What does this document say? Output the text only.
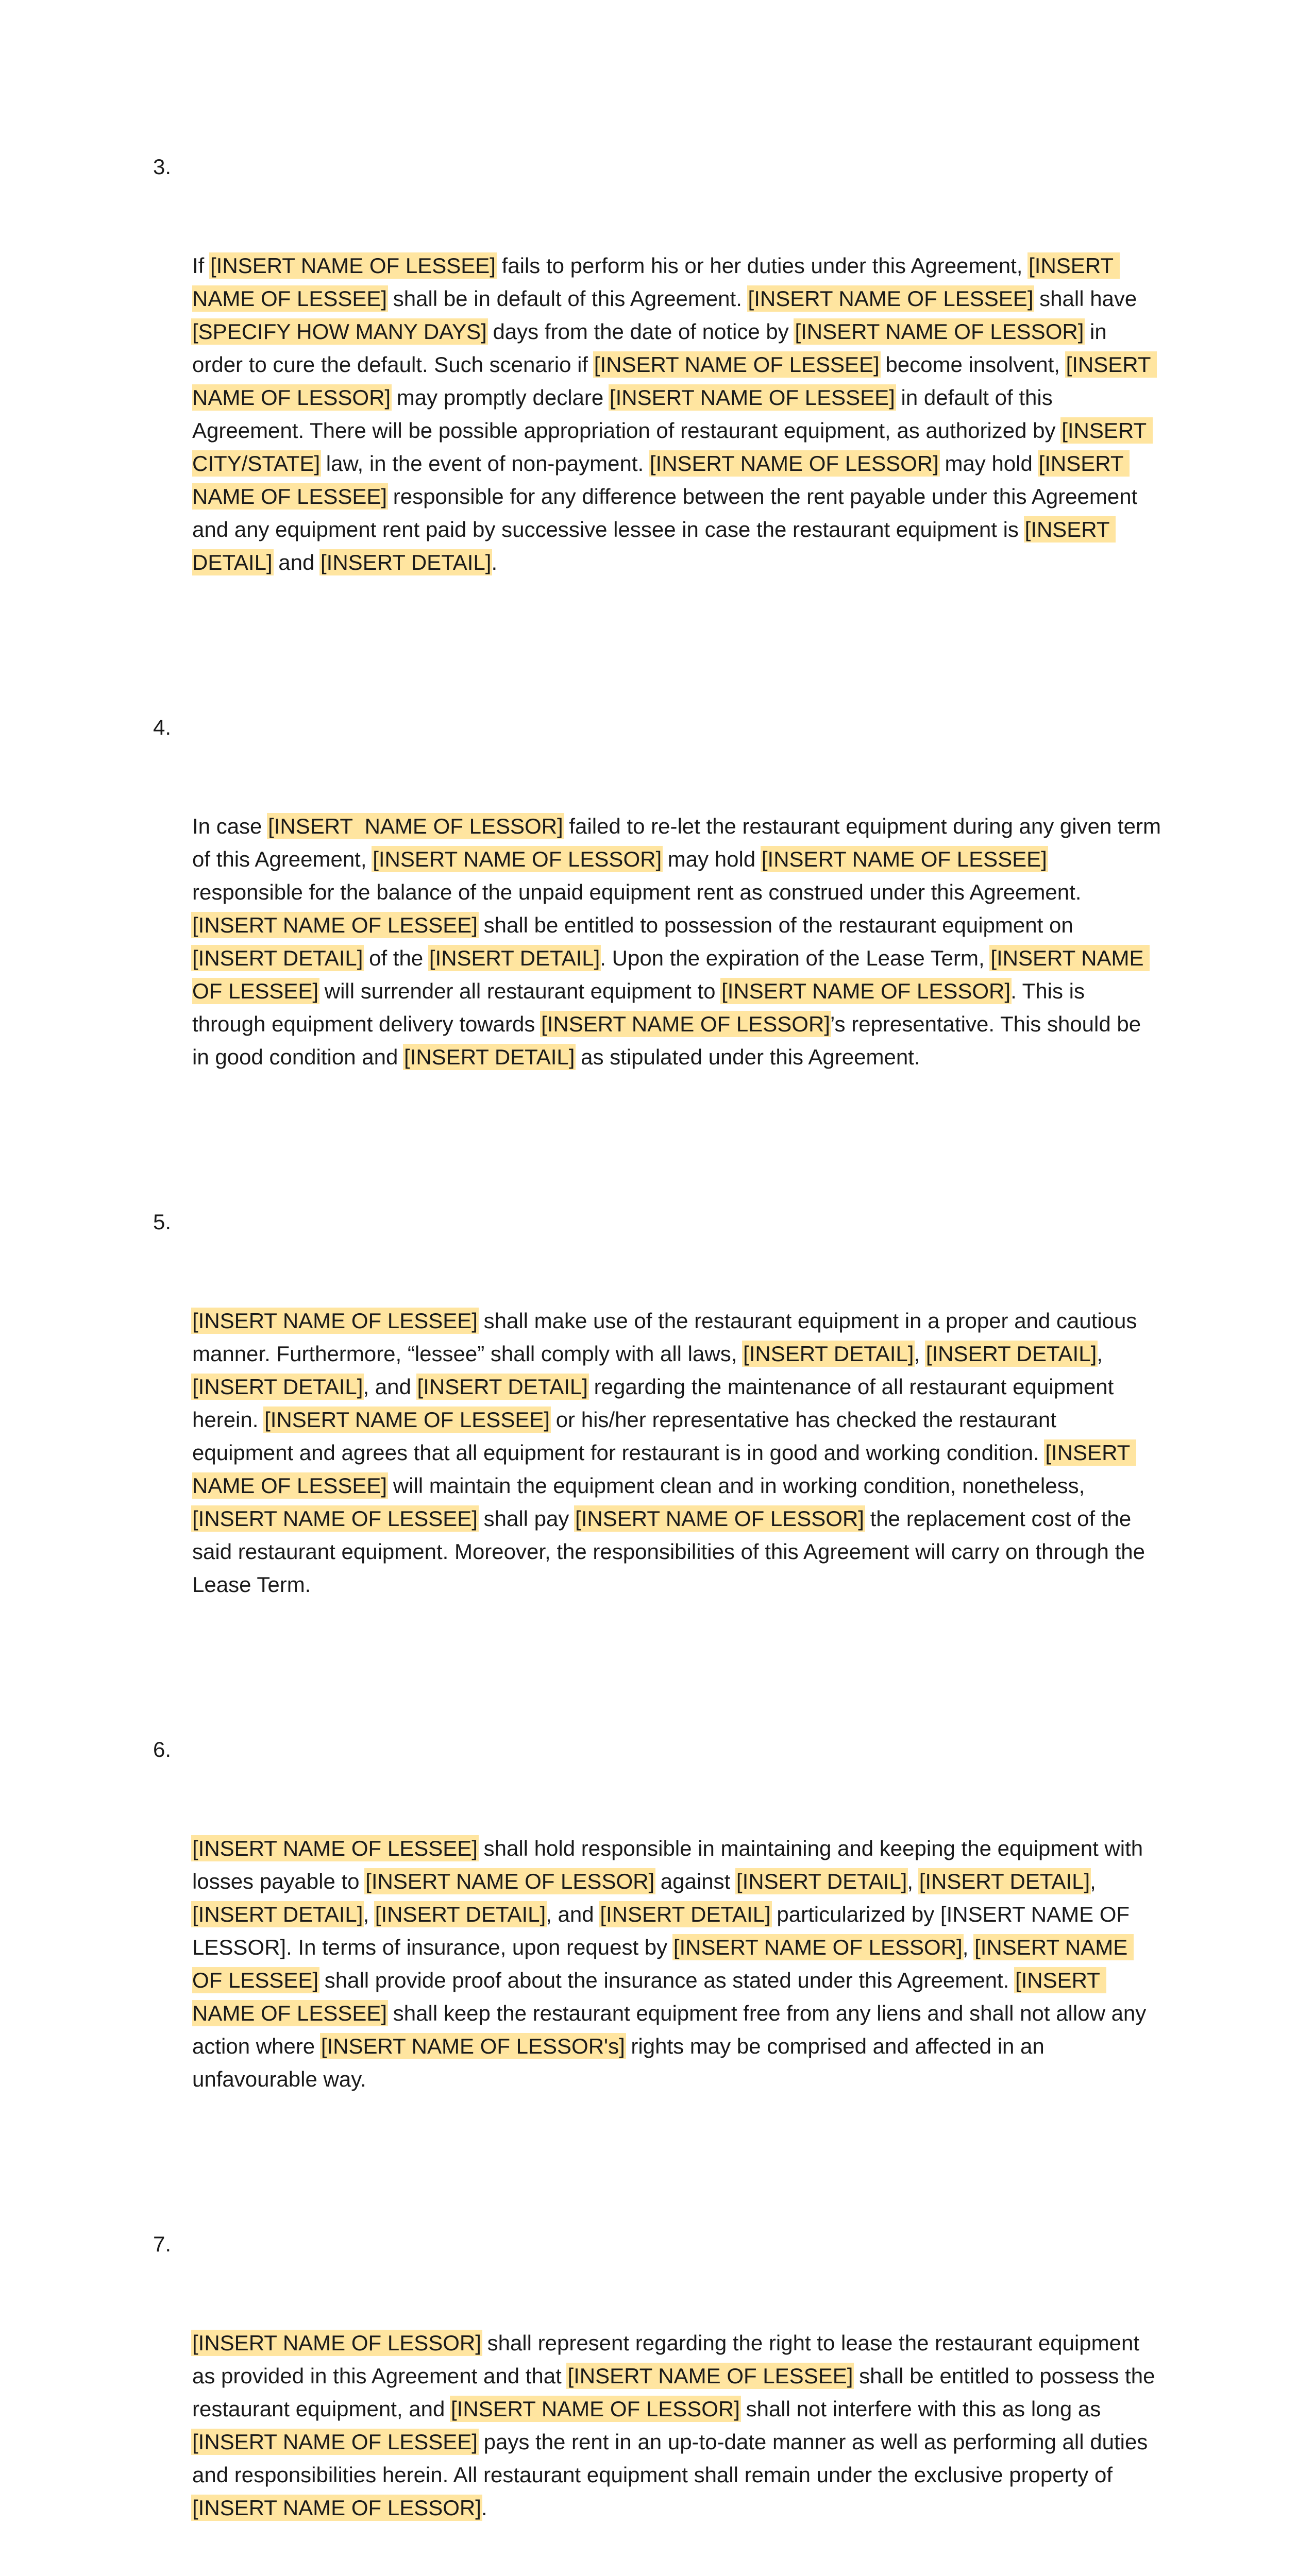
3.

If [INSERT NAME OF LESSEE] fails to perform his or her duties under this Agreement, [INSERT NAME OF LESSEE] shall be in default of this Agreement. [INSERT NAME OF LESSEE] shall have [SPECIFY HOW MANY DAYS] days from the date of notice by [INSERT NAME OF LESSOR] in order to cure the default. Such scenario if [INSERT NAME OF LESSEE] become insolvent, [INSERT NAME OF LESSOR] may promptly declare [INSERT NAME OF LESSEE] in default of this Agreement. There will be possible appropriation of restaurant equipment, as authorized by [INSERT CITY/STATE] law, in the event of non-payment. [INSERT NAME OF LESSOR] may hold [INSERT NAME OF LESSEE] responsible for any difference between the rent payable under this Agreement and any equipment rent paid by successive lessee in case the restaurant equipment is [INSERT DETAIL] and [INSERT DETAIL].

4.

In case [INSERT  NAME OF LESSOR] failed to re-let the restaurant equipment during any given term of this Agreement, [INSERT NAME OF LESSOR] may hold [INSERT NAME OF LESSEE] responsible for the balance of the unpaid equipment rent as construed under this Agreement. [INSERT NAME OF LESSEE] shall be entitled to possession of the restaurant equipment on [INSERT DETAIL] of the [INSERT DETAIL]. Upon the expiration of the Lease Term, [INSERT NAME OF LESSEE] will surrender all restaurant equipment to [INSERT NAME OF LESSOR]. This is through equipment delivery towards [INSERT NAME OF LESSOR]’s representative. This should be in good condition and [INSERT DETAIL] as stipulated under this Agreement.

5.

[INSERT NAME OF LESSEE] shall make use of the restaurant equipment in a proper and cautious manner. Furthermore, “lessee” shall comply with all laws, [INSERT DETAIL], [INSERT DETAIL], [INSERT DETAIL], and [INSERT DETAIL] regarding the maintenance of all restaurant equipment herein. [INSERT NAME OF LESSEE] or his/her representative has checked the restaurant equipment and agrees that all equipment for restaurant is in good and working condition. [INSERT NAME OF LESSEE] will maintain the equipment clean and in working condition, nonetheless, [INSERT NAME OF LESSEE] shall pay [INSERT NAME OF LESSOR] the replacement cost of the said restaurant equipment. Moreover, the responsibilities of this Agreement will carry on through the Lease Term.

6.

[INSERT NAME OF LESSEE] shall hold responsible in maintaining and keeping the equipment with losses payable to [INSERT NAME OF LESSOR] against [INSERT DETAIL], [INSERT DETAIL], [INSERT DETAIL], [INSERT DETAIL], and [INSERT DETAIL] particularized by [INSERT NAME OF LESSOR]. In terms of insurance, upon request by [INSERT NAME OF LESSOR], [INSERT NAME OF LESSEE] shall provide proof about the insurance as stated under this Agreement. [INSERT NAME OF LESSEE] shall keep the restaurant equipment free from any liens and shall not allow any action where [INSERT NAME OF LESSOR's] rights may be comprised and affected in an unfavourable way.

7.

[INSERT NAME OF LESSOR] shall represent regarding the right to lease the restaurant equipment as provided in this Agreement and that [INSERT NAME OF LESSEE] shall be entitled to possess the restaurant equipment, and [INSERT NAME OF LESSOR] shall not interfere with this as long as [INSERT NAME OF LESSEE] pays the rent in an up-to-date manner as well as performing all duties and responsibilities herein. All restaurant equipment shall remain under the exclusive property of [INSERT NAME OF LESSOR].
